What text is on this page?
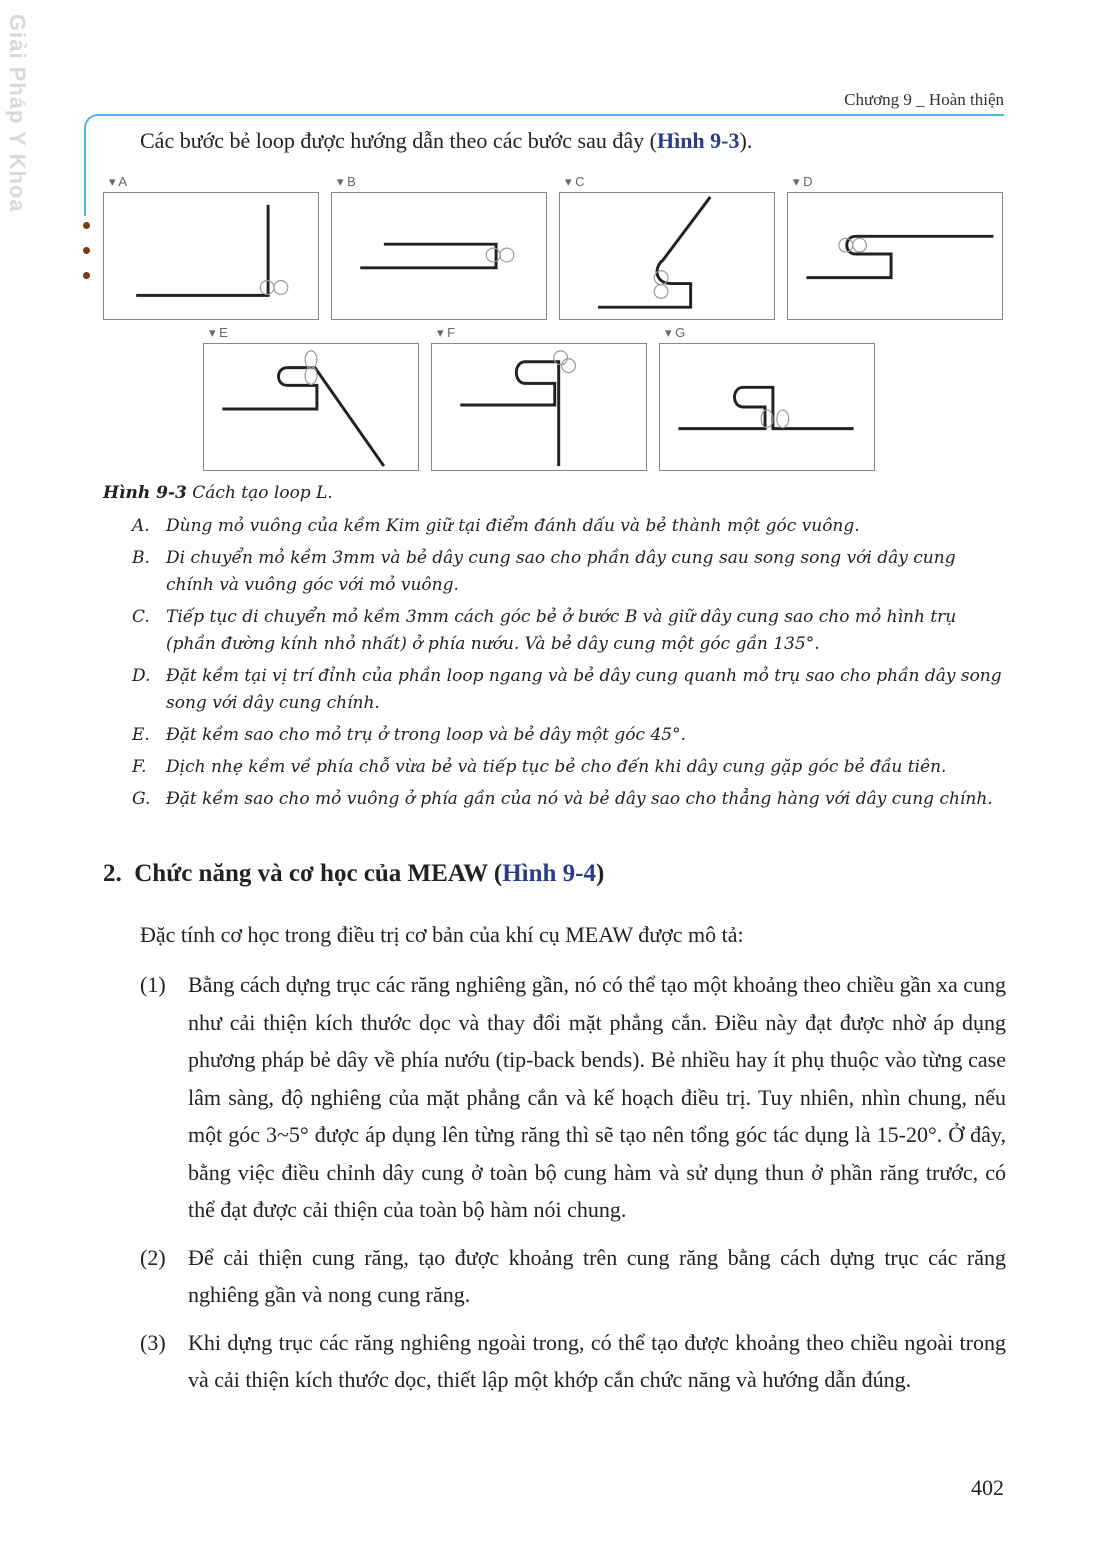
Giải Pháp Y Khoa	Chương 9 _ Hoàn thiện
Các bước bẻ loop được hướng dẫn theo các bước sau đây (Hình 9-3).
▾ A	▾ B	▾ C	▾ D
▾ E	▾ F	▾ G
Hình 9-3 Cách tạo loop L.
A. Dùng mỏ vuông của kềm Kim giữ tại điểm đánh dấu và bẻ thành một góc vuông.
B. Di chuyển mỏ kềm 3mm và bẻ dây cung sao cho phần dây cung sau song song với dây cung chính và vuông góc với mỏ vuông.
C. Tiếp tục di chuyển mỏ kềm 3mm cách góc bẻ ở bước B và giữ dây cung sao cho mỏ hình trụ (phần đường kính nhỏ nhất) ở phía nướu. Và bẻ dây cung một góc gần 135°.
D. Đặt kềm tại vị trí đỉnh của phần loop ngang và bẻ dây cung quanh mỏ trụ sao cho phần dây song song với dây cung chính.
E. Đặt kềm sao cho mỏ trụ ở trong loop và bẻ dây một góc 45°.
F.	Dịch nhẹ kềm về phía chỗ vừa bẻ và tiếp tục bẻ cho đến khi dây cung gặp góc bẻ đầu tiên.
G. Đặt kềm sao cho mỏ vuông ở phía gần của nó và bẻ dây sao cho thẳng hàng với dây cung chính.
2. Chức năng và cơ học của MEAW (Hình 9-4)
Đặc tính cơ học trong điều trị cơ bản của khí cụ MEAW được mô tả:
(1)	Bằng cách dựng trục các răng nghiêng gần, nó có thể tạo một khoảng theo chiều gần xa cung như cải thiện kích thước dọc và thay đổi mặt phẳng cắn. Điều này đạt được nhờ áp dụng phương pháp bẻ dây về phía nướu (tip-back bends). Bẻ nhiều hay ít phụ thuộc vào từng case lâm sàng, độ nghiêng của mặt phẳng cắn và kế hoạch điều trị. Tuy nhiên, nhìn chung, nếu một góc 3~5° được áp dụng lên từng răng thì sẽ tạo nên tổng góc tác dụng là 15-20°. Ở đây, bằng việc điều chỉnh dây cung ở toàn bộ cung hàm và sử dụng thun ở phần răng trước, có thể đạt được cải thiện của toàn bộ hàm nói chung.
(2)	Để cải thiện cung răng, tạo được khoảng trên cung răng bằng cách dựng trục các răng nghiêng gần và nong cung răng.
(3)	Khi dựng trục các răng nghiêng ngoài trong, có thể tạo được khoảng theo chiều ngoài trong và cải thiện kích thước dọc, thiết lập một khớp cắn chức năng và hướng dẫn đúng.
402
